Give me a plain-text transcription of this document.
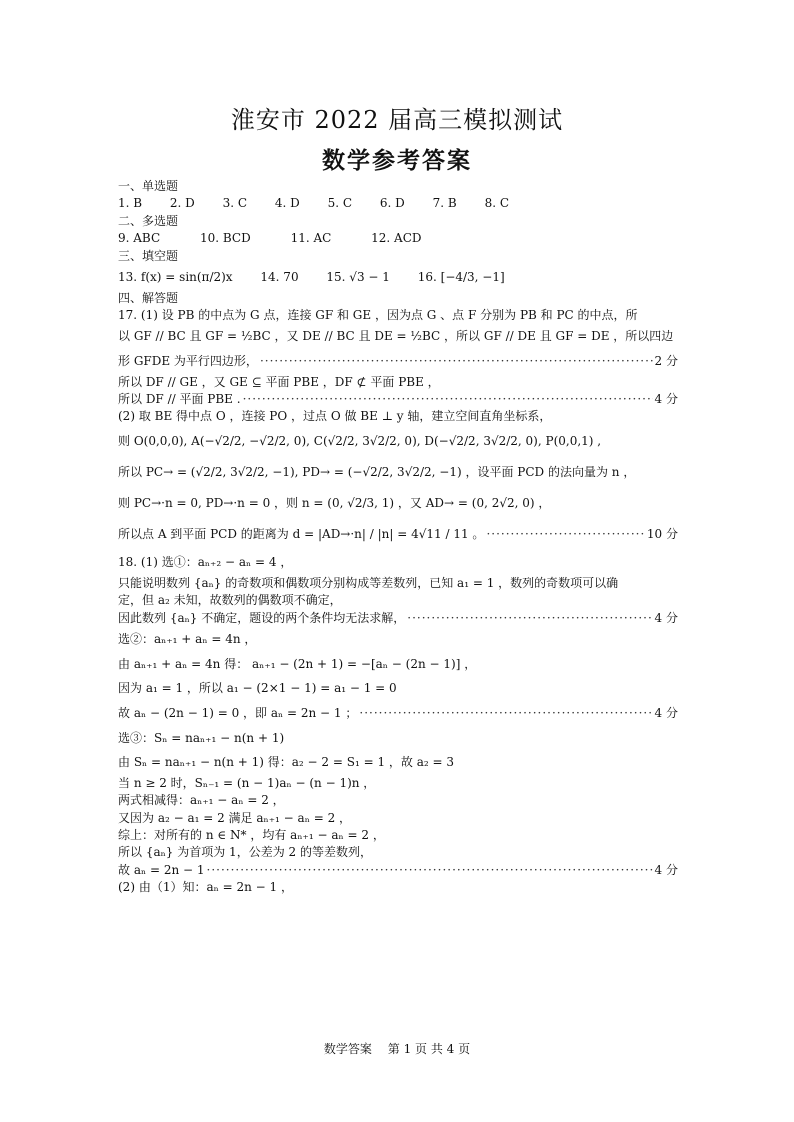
淮安市 2022 届高三模拟测试
数学参考答案
一、单选题
1. B 2. D 3. C 4. D 5. C 6. D 7. B 8. C
二、多选题
9. ABC	10. BCD	11. AC	12. ACD
三、填空题
13. f(x) = sin(π/2)x 14. 70 15. √3 − 1 16. [−4/3, −1]
四、解答题
17. (1) 设 PB 的中点为 G 点，连接 GF 和 GE ，因为点 G 、点 F 分别为 PB 和 PC 的中点，所
以 GF // BC 且 GF = ½BC ，又 DE // BC 且 DE = ½BC ，所以 GF // DE 且 GF = DE ，所以四边
形 GFDE 为平行四边形， ·····	2 分
所以 DF // GE ，又 GE ⊆ 平面 PBE ，DF ⊄ 平面 PBE ，
所以 DF // 平面 PBE . ·····	4 分
(2) 取 BE 得中点 O ，连接 PO ，过点 O 做 BE ⊥ y 轴，建立空间直角坐标系，
则 O(0,0,0), A(−√2/2, −√2/2, 0), C(√2/2, 3√2/2, 0), D(−√2/2, 3√2/2, 0), P(0,0,1) ,
所以 PC→ = (√2/2, 3√2/2, −1), PD→ = (−√2/2, 3√2/2, −1) ，设平面 PCD 的法向量为 n ，
则 PC→·n = 0, PD→·n = 0 ，则 n = (0, √2/3, 1) ，又 AD→ = (0, 2√2, 0) ，
所以点 A 到平面 PCD 的距离为 d = |AD→·n| / |n| = 4√11 / 11 。 ·····	10 分
18. (1) 选①：aₙ₊₂ − aₙ = 4 ，
只能说明数列 {aₙ} 的奇数项和偶数项分别构成等差数列，已知 a₁ = 1 ，数列的奇数项可以确
定，但 a₂ 未知，故数列的偶数项不确定，
因此数列 {aₙ} 不确定，题设的两个条件均无法求解， ·····	4 分
选②：aₙ₊₁ + aₙ = 4n ，
由 aₙ₊₁ + aₙ = 4n 得： aₙ₊₁ − (2n + 1) = −[aₙ − (2n − 1)] ，
因为 a₁ = 1 ，所以 a₁ − (2×1 − 1) = a₁ − 1 = 0
故 aₙ − (2n − 1) = 0 ，即 aₙ = 2n − 1 ； ·····	4 分
选③：Sₙ = naₙ₊₁ − n(n + 1)
由 Sₙ = naₙ₊₁ − n(n + 1) 得：a₂ − 2 = S₁ = 1 ，故 a₂ = 3
当 n ≥ 2 时，Sₙ₋₁ = (n − 1)aₙ − (n − 1)n ，
两式相减得：aₙ₊₁ − aₙ = 2 ，
又因为 a₂ − a₁ = 2 满足 aₙ₊₁ − aₙ = 2 ，
综上：对所有的 n ∈ N* ，均有 aₙ₊₁ − aₙ = 2 ，
所以 {aₙ} 为首项为 1，公差为 2 的等差数列，
故 aₙ = 2n − 1 ·····	4 分
(2) 由（1）知：aₙ = 2n − 1 ，
数学答案 第 1 页 共 4 页
